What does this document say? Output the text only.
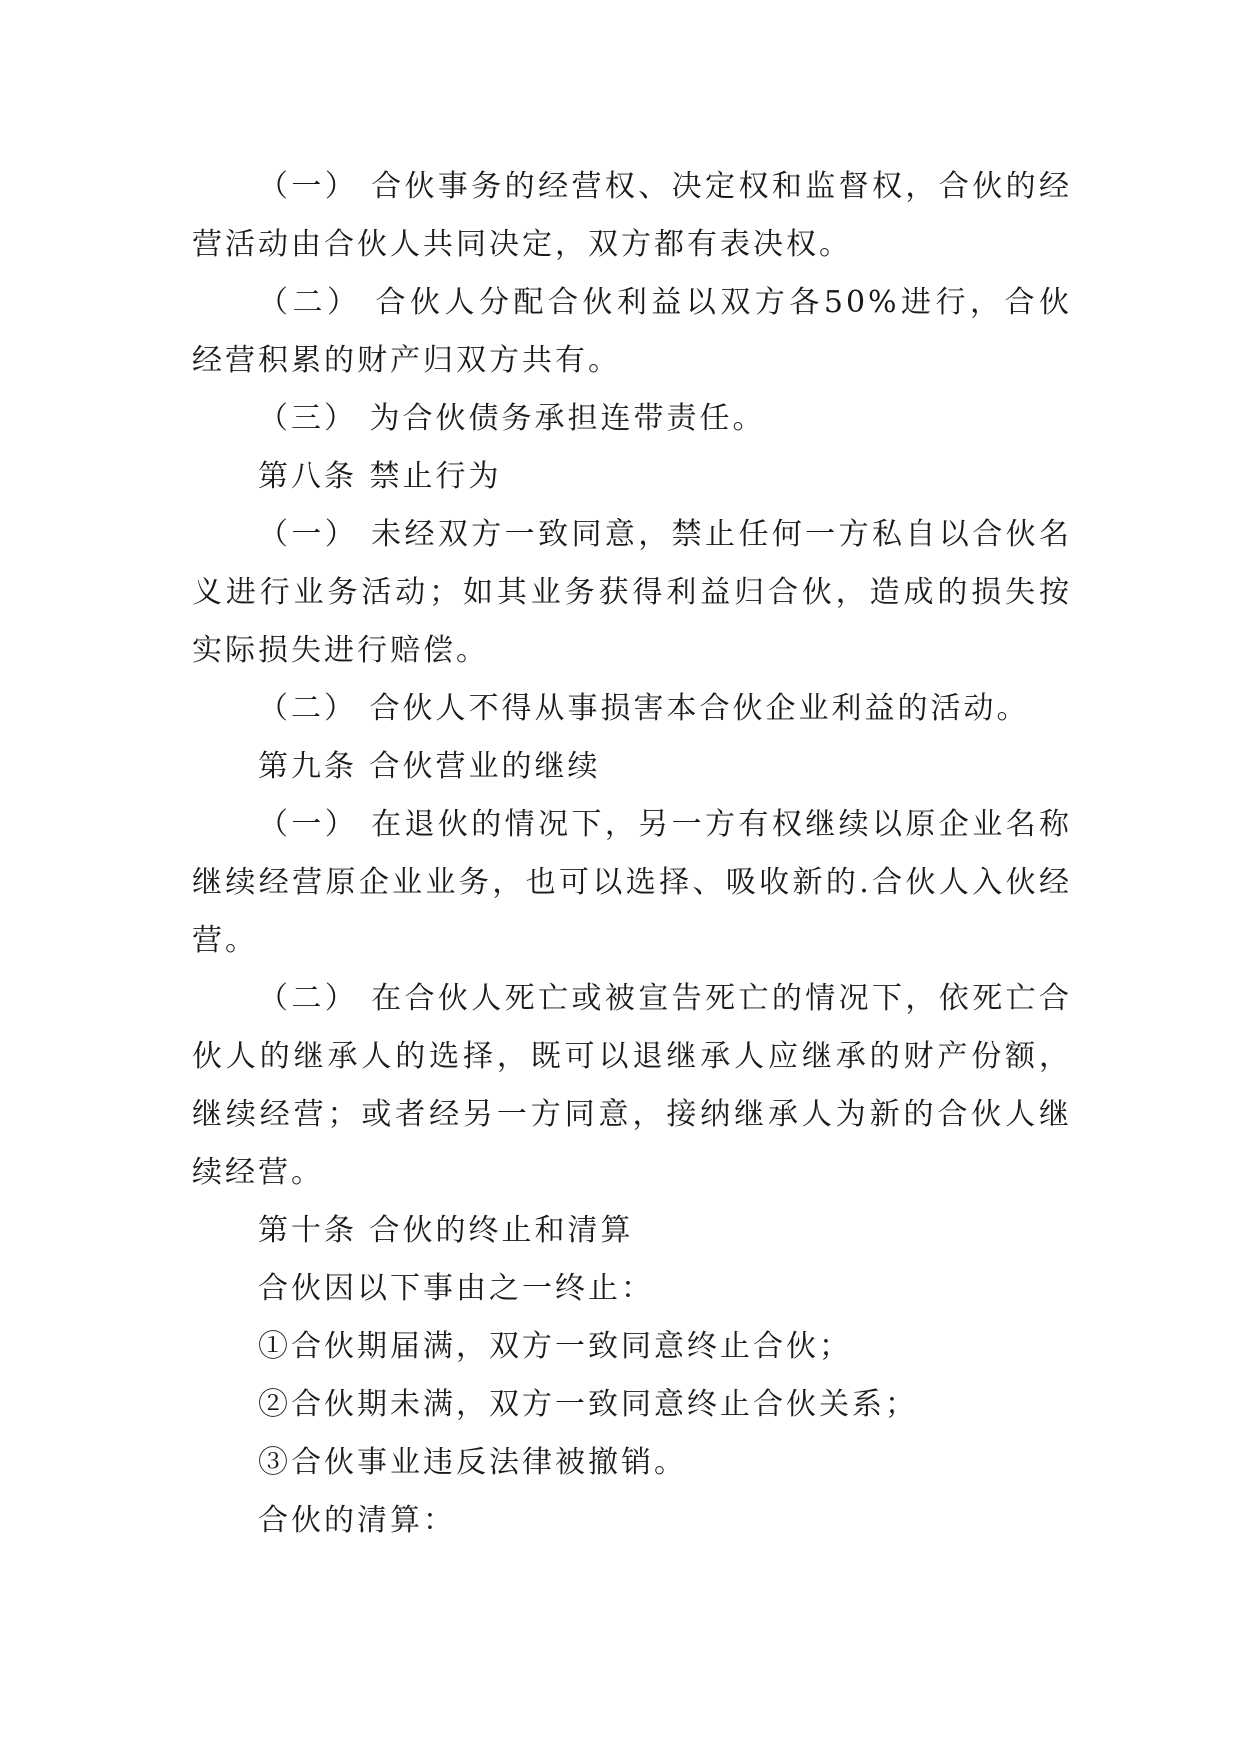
（一） 合伙事务的经营权、决定权和监督权，合伙的经营活动由合伙人共同决定，双方都有表决权。

（二） 合伙人分配合伙利益以双方各50%进行，合伙经营积累的财产归双方共有。

（三） 为合伙债务承担连带责任。

第八条 禁止行为

（一） 未经双方一致同意，禁止任何一方私自以合伙名义进行业务活动；如其业务获得利益归合伙，造成的损失按实际损失进行赔偿。

（二） 合伙人不得从事损害本合伙企业利益的活动。

第九条 合伙营业的继续

（一） 在退伙的情况下，另一方有权继续以原企业名称继续经营原企业业务，也可以选择、吸收新的.合伙人入伙经营。

（二） 在合伙人死亡或被宣告死亡的情况下，依死亡合伙人的继承人的选择，既可以退继承人应继承的财产份额，继续经营；或者经另一方同意，接纳继承人为新的合伙人继续经营。

第十条 合伙的终止和清算

合伙因以下事由之一终止：

①合伙期届满，双方一致同意终止合伙；

②合伙期未满，双方一致同意终止合伙关系；

③合伙事业违反法律被撤销。

合伙的清算：
